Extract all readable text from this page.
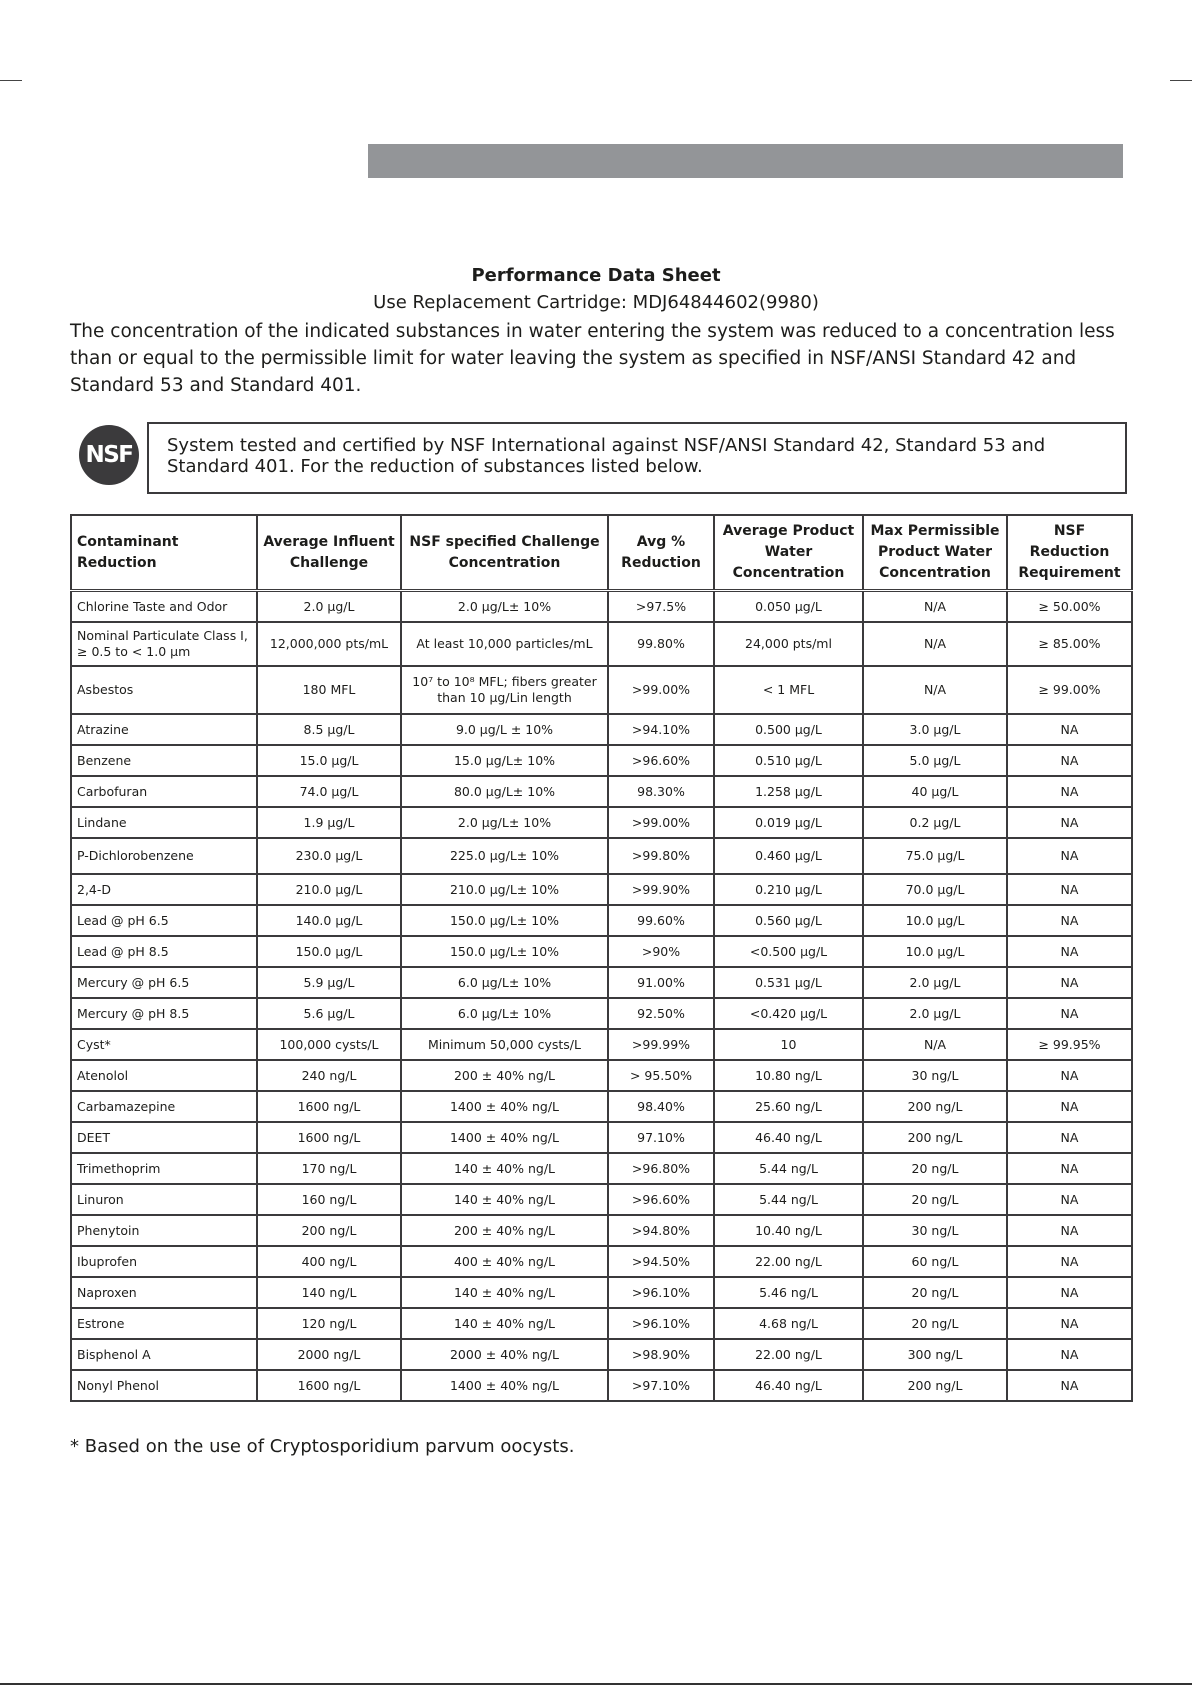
Performance Data Sheet
Use Replacement Cartridge: MDJ64844602(9980)
The concentration of the indicated substances in water entering the system was reduced to a concentration less than or equal to the permissible limit for water leaving the system as specified in NSF/ANSI Standard 42 and Standard 53 and Standard 401.
NSF	System tested and certified by NSF International against NSF/ANSI Standard 42, Standard 53 and Standard 401. For the reduction of substances listed below.
Contaminant Reduction	Average Influent Challenge	NSF specified Challenge Concentration	Avg % Reduction	Average Product Water Concentration	Max Permissible Product Water Concentration	NSF Reduction Requirement
Chlorine Taste and Odor	2.0 µg/L	2.0 µg/L± 10%	>97.5%	0.050 µg/L	N/A	≥ 50.00%
Nominal Particulate Class I, ≥ 0.5 to < 1.0 µm	12,000,000 pts/mL	At least 10,000 particles/mL	99.80%	24,000 pts/ml	N/A	≥ 85.00%
Asbestos	180 MFL	10⁷ to 10⁸ MFL; fibers greater than 10 µg/Lin length	>99.00%	< 1 MFL	N/A	≥ 99.00%
Atrazine	8.5 µg/L	9.0 µg/L ± 10%	>94.10%	0.500 µg/L	3.0 µg/L	NA
Benzene	15.0 µg/L	15.0 µg/L± 10%	>96.60%	0.510 µg/L	5.0 µg/L	NA
Carbofuran	74.0 µg/L	80.0 µg/L± 10%	98.30%	1.258 µg/L	40 µg/L	NA
Lindane	1.9 µg/L	2.0 µg/L± 10%	>99.00%	0.019 µg/L	0.2 µg/L	NA
P-Dichlorobenzene	230.0 µg/L	225.0 µg/L± 10%	>99.80%	0.460 µg/L	75.0 µg/L	NA
2,4-D	210.0 µg/L	210.0 µg/L± 10%	>99.90%	0.210 µg/L	70.0 µg/L	NA
Lead @ pH 6.5	140.0 µg/L	150.0 µg/L± 10%	99.60%	0.560 µg/L	10.0 µg/L	NA
Lead @ pH 8.5	150.0 µg/L	150.0 µg/L± 10%	>90%	<0.500 µg/L	10.0 µg/L	NA
Mercury @ pH 6.5	5.9 µg/L	6.0 µg/L± 10%	91.00%	0.531 µg/L	2.0 µg/L	NA
Mercury @ pH 8.5	5.6 µg/L	6.0 µg/L± 10%	92.50%	<0.420 µg/L	2.0 µg/L	NA
Cyst*	100,000 cysts/L	Minimum 50,000 cysts/L	>99.99%	10	N/A	≥ 99.95%
Atenolol	240 ng/L	200 ± 40% ng/L	> 95.50%	10.80 ng/L	30 ng/L	NA
Carbamazepine	1600 ng/L	1400 ± 40% ng/L	98.40%	25.60 ng/L	200 ng/L	NA
DEET	1600 ng/L	1400 ± 40% ng/L	97.10%	46.40 ng/L	200 ng/L	NA
Trimethoprim	170 ng/L	140 ± 40% ng/L	>96.80%	5.44 ng/L	20 ng/L	NA
Linuron	160 ng/L	140 ± 40% ng/L	>96.60%	5.44 ng/L	20 ng/L	NA
Phenytoin	200 ng/L	200 ± 40% ng/L	>94.80%	10.40 ng/L	30 ng/L	NA
Ibuprofen	400 ng/L	400 ± 40% ng/L	>94.50%	22.00 ng/L	60 ng/L	NA
Naproxen	140 ng/L	140 ± 40% ng/L	>96.10%	5.46 ng/L	20 ng/L	NA
Estrone	120 ng/L	140 ± 40% ng/L	>96.10%	4.68 ng/L	20 ng/L	NA
Bisphenol A	2000 ng/L	2000 ± 40% ng/L	>98.90%	22.00 ng/L	300 ng/L	NA
Nonyl Phenol	1600 ng/L	1400 ± 40% ng/L	>97.10%	46.40 ng/L	200 ng/L	NA
* Based on the use of Cryptosporidium parvum oocysts.
